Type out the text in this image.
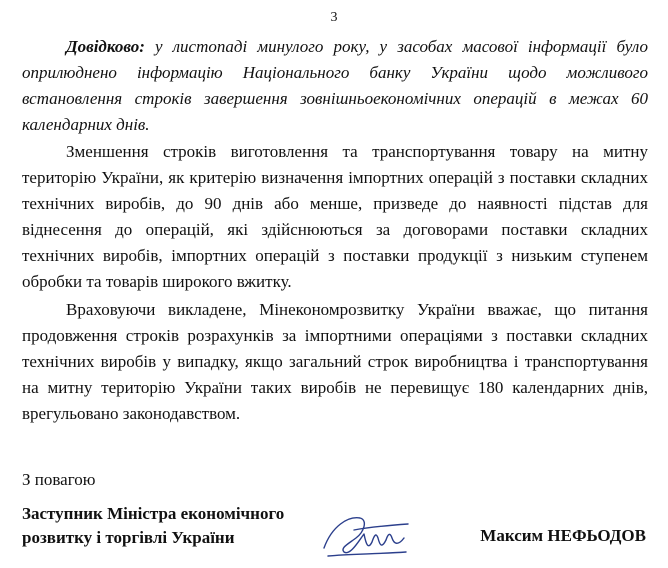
3
Довідково: у листопаді минулого року, у засобах масової інформації було оприлюднено інформацію Національного банку України щодо можливого встановлення строків завершення зовнішньоекономічних операцій в межах 60 календарних днів.
Зменшення строків виготовлення та транспортування товару на митну територію України, як критерію визначення імпортних операцій з поставки складних технічних виробів, до 90 днів або менше, призведе до наявності підстав для віднесення до операцій, які здійснюються за договорами поставки складних технічних виробів, імпортних операцій з поставки продукції з низьким ступенем обробки та товарів широкого вжитку.
Враховуючи викладене, Мінекономрозвитку України вважає, що питання продовження строків розрахунків за імпортними операціями з поставки складних технічних виробів у випадку, якщо загальний строк виробництва і транспортування на митну територію України таких виробів не перевищує 180 календарних днів, врегульовано законодавством.
З повагою
Заступник Міністра економічного
розвитку і торгівлі України	Максим НЕФЬОДОВ
